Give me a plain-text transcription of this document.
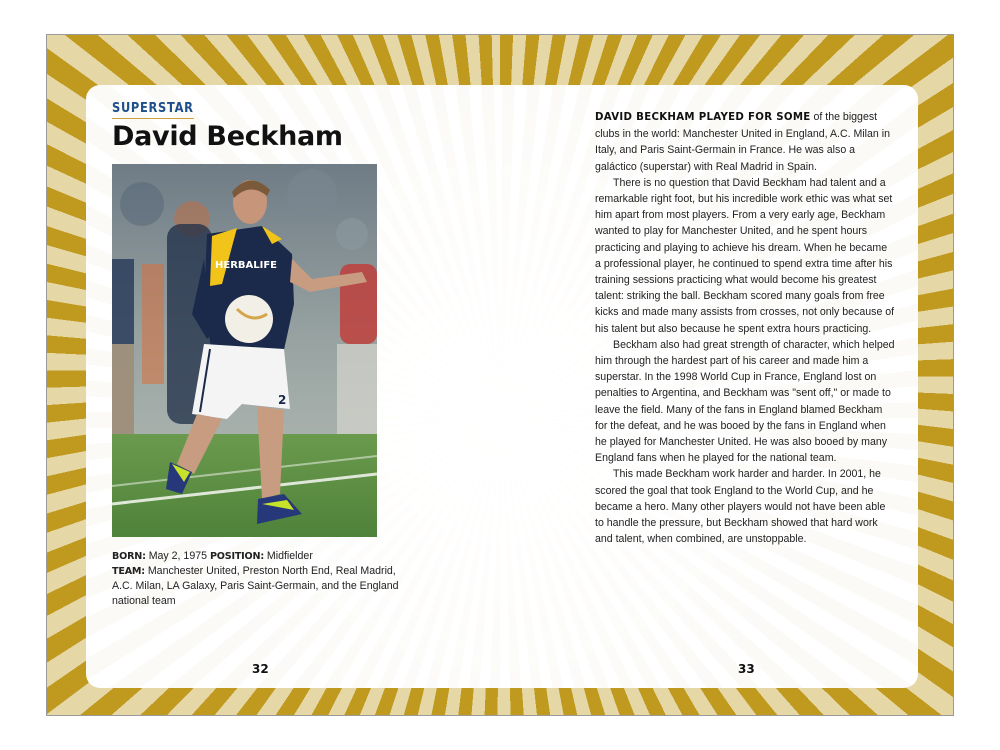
SUPERSTAR
David Beckham
HERBALIFE
2
BORN: May 2, 1975 POSITION: Midfielder
TEAM: Manchester United, Preston North End, Real Madrid, A.C. Milan, LA Galaxy, Paris Saint-Germain, and the England national team
32

DAVID BECKHAM PLAYED FOR SOME of the biggest clubs in the world: Manchester United in England, A.C. Milan in Italy, and Paris Saint-Germain in France. He was also a galáctico (superstar) with Real Madrid in Spain.

There is no question that David Beckham had talent and a remarkable right foot, but his incredible work ethic was what set him apart from most players. From a very early age, Beckham wanted to play for Manchester United, and he spent hours practicing and playing to achieve his dream. When he became a professional player, he continued to spend extra time after his training sessions practicing what would become his greatest talent: striking the ball. Beckham scored many goals from free kicks and made many assists from crosses, not only because of his talent but also because he spent extra hours practicing.

Beckham also had great strength of character, which helped him through the hardest part of his career and made him a superstar. In the 1998 World Cup in France, England lost on penalties to Argentina, and Beckham was "sent off," or made to leave the field. Many of the fans in England blamed Beckham for the defeat, and he was booed by the fans in England when he played for Manchester United. He was also booed by many England fans when he played for the national team.

This made Beckham work harder and harder. In 2001, he scored the goal that took England to the World Cup, and he became a hero. Many other players would not have been able to handle the pressure, but Beckham showed that hard work and talent, when combined, are unstoppable.

33
